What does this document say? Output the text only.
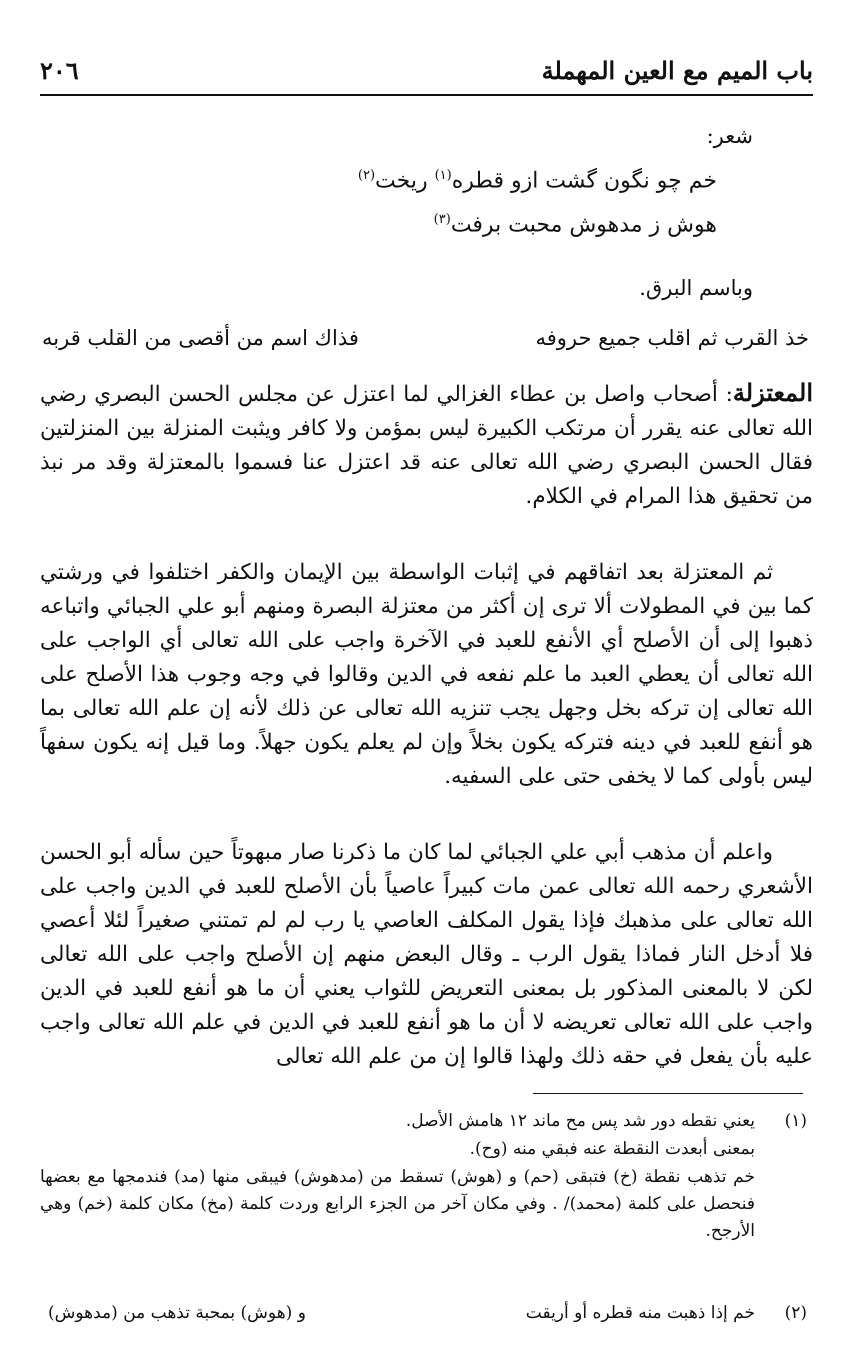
باب الميم مع العين المهملة
٢٠٦
شعر:
خم چو نگون گشت ازو قطره$^{(١)}$ ريخت$^{(٢)}$
هوش ز مدهوش محبت برفت$^{(٣)}$
وباسم البرق.
خذ القرب ثم اقلب جميع حروفه
فذاك اسم من أقصى من القلب قربه
المعتزلة: أصحاب واصل بن عطاء الغزالي لما اعتزل عن مجلس الحسن البصري رضي الله تعالى عنه يقرر أن مرتكب الكبيرة ليس بمؤمن ولا كافر ويثبت المنزلة بين المنزلتين فقال الحسن البصري رضي الله تعالى عنه قد اعتزل عنا فسموا بالمعتزلة وقد مر نبذ من تحقيق هذا المرام في الكلام.
ثم المعتزلة بعد اتفاقهم في إثبات الواسطة بين الإيمان والكفر اختلفوا في ورشتي كما بين في المطولات ألا ترى إن أكثر من معتزلة البصرة ومنهم أبو علي الجبائي واتباعه ذهبوا إلى أن الأصلح أي الأنفع للعبد في الآخرة واجب على الله تعالى أي الواجب على الله تعالى أن يعطي العبد ما علم نفعه في الدين وقالوا في وجه وجوب هذا الأصلح على الله تعالى إن تركه بخل وجهل يجب تنزيه الله تعالى عن ذلك لأنه إن علم الله تعالى بما هو أنفع للعبد في دينه فتركه يكون بخلاً وإن لم يعلم يكون جهلاً. وما قيل إنه يكون سفهاً ليس بأولى كما لا يخفى حتى على السفيه.
واعلم أن مذهب أبي علي الجبائي لما كان ما ذكرنا صار مبهوتاً حين سأله أبو الحسن الأشعري رحمه الله تعالى عمن مات كبيراً عاصياً بأن الأصلح للعبد في الدين واجب على الله تعالى على مذهبك فإذا يقول المكلف العاصي يا رب لم لم تمتني صغيراً لئلا أعصي فلا أدخل النار فماذا يقول الرب ـ وقال البعض منهم إن الأصلح واجب على الله تعالى لكن لا بالمعنى المذكور بل بمعنى التعريض للثواب يعني أن ما هو أنفع للعبد في الدين واجب على الله تعالى تعريضه لا أن ما هو أنفع للعبد في الدين في علم الله تعالى واجب عليه بأن يفعل في حقه ذلك ولهذا قالوا إن من علم الله تعالى
(١)
يعني نقطه دور شد پس مح ماند ١٢ هامش الأصل.
بمعنى أبعدت النقطة عنه فبقي منه (وح).
خم تذهب نقطة (خ) فتبقى (حم) و (هوش) تسقط من (مدهوش) فيبقى منها (مد) فندمجها مع بعضها فنحصل على كلمة (محمد)/ . وفي مكان آخر من الجزء الرابع وردت كلمة (مخ) مكان كلمة (خم) وهي الأرجح.
(٢)
خم إذا ذهبت منه قطره أو أريقت
و (هوش) بمحبة تذهب من (مدهوش)
